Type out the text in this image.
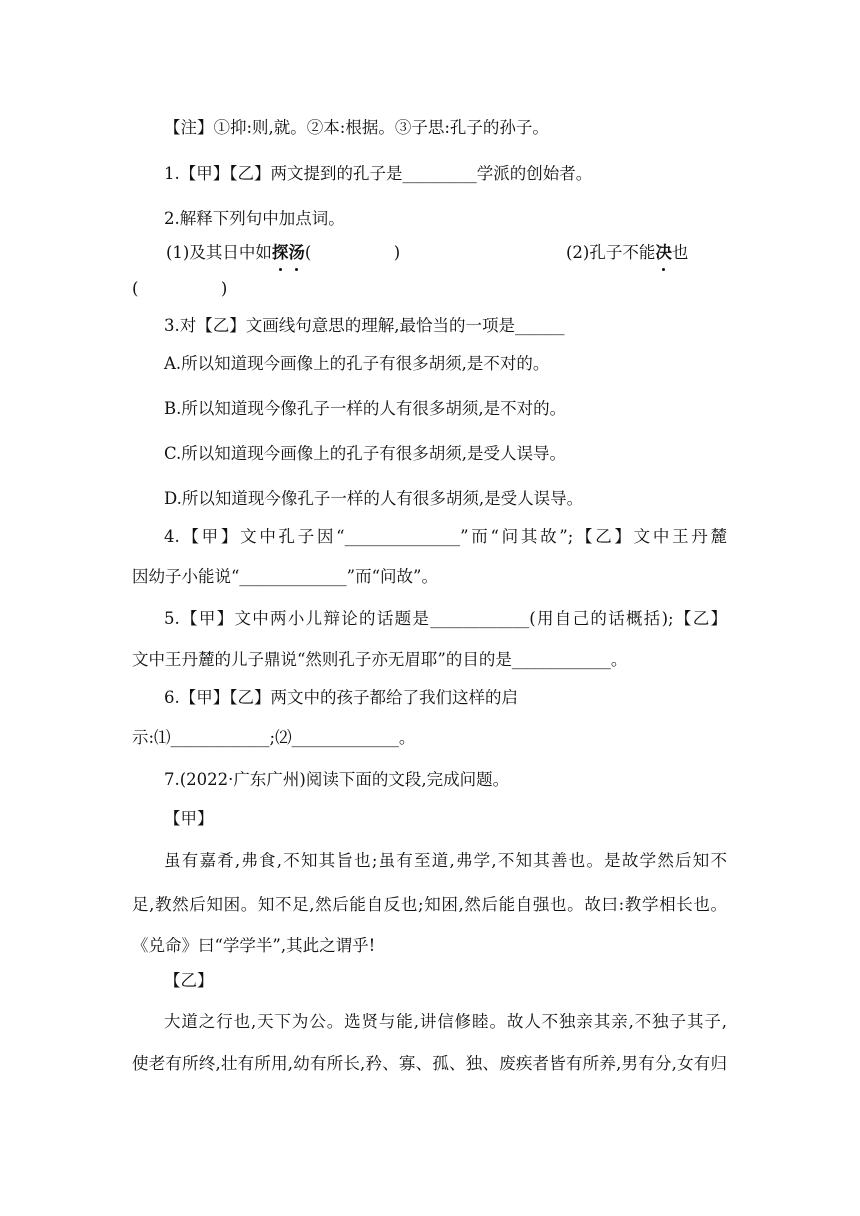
【注】①抑:则,就。②本:根据。③子思:孔子的孙子。
1.【甲】【乙】两文提到的孔子是_________学派的创始者。
2.解释下列句中加点词。
(1)及其日中如探
汤
(　　　　　)	(2)孔子不能决
也
(　　　　　)
3.对【乙】文画线句意思的理解,最恰当的一项是______
A.所以知道现今画像上的孔子有很多胡须,是不对的。
B.所以知道现今像孔子一样的人有很多胡须,是不对的。
C.所以知道现今画像上的孔子有很多胡须,是受人误导。
D.所以知道现今像孔子一样的人有很多胡须,是受人误导。
4.【甲】文中孔子因“______________”而“问其故”;【乙】文中王丹麓
因幼子小能说“_____________”而“问故”。
5.【甲】文中两小儿辩论的话题是____________(用自己的话概括);【乙】
文中王丹麓的儿子鼎说“然则孔子亦无眉耶”的目的是____________。
6.【甲】【乙】两文中的孩子都给了我们这样的启
示:⑴____________;⑵_____________。
7.(2022·广东广州)阅读下面的文段,完成问题。
【甲】
虽有嘉肴,弗食,不知其旨也;虽有至道,弗学,不知其善也。是故学然后知不
足,教然后知困。知不足,然后能自反也;知困,然后能自强也。故曰:教学相长也。
《兑命》曰“学学半”,其此之谓乎!
【乙】
大道之行也,天下为公。选贤与能,讲信修睦。故人不独亲其亲,不独子其子,
使老有所终,壮有所用,幼有所长,矜、寡、孤、独、废疾者皆有所养,男有分,女有归
